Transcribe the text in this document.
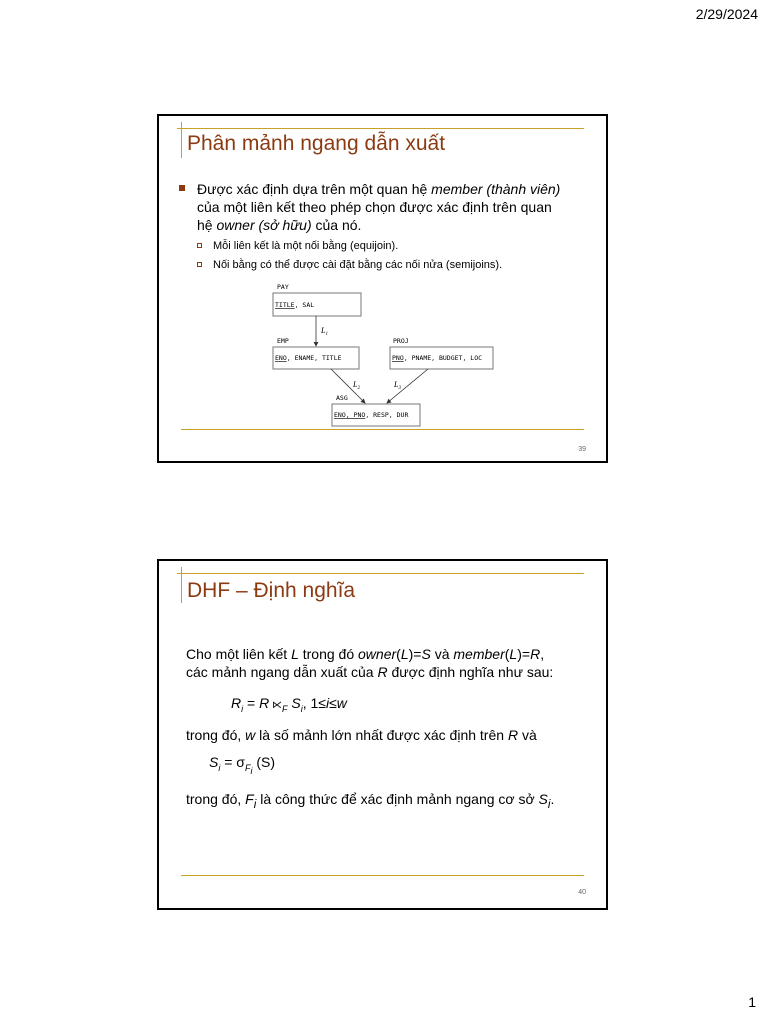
2/29/2024
Phân mảnh ngang dẫn xuất
Được xác định dựa trên một quan hệ member (thành viên)
của một liên kết theo phép chọn được xác định trên quan
hệ owner (sở hữu) của nó.
Mỗi liên kết là một nối bằng (equijoin).
Nối bằng có thể được cài đặt bằng các nối nửa (semijoins).
PAY
TITLE, SAL
EMP
ENO, ENAME, TITLE
PROJ
PNO, PNAME, BUDGET, LOC
ASG
ENO, PNO, RESP, DUR
$L_1$
$L_2$	$L_3$
39
DHF – Định nghĩa
Cho một liên kết L trong đó owner(L)=S và member(L)=R,
các mảnh ngang dẫn xuất của R được định nghĩa như sau:
$R_i = R$ $⋉_F$ $S_i$, 1≤i≤w
trong đó, w là số mảnh lớn nhất được xác định trên R và
$S_i = \sigma_{F_i}$ (S)
trong đó, $F_i$ là công thức để xác định mảnh ngang cơ sở $S_i$.
40
1
